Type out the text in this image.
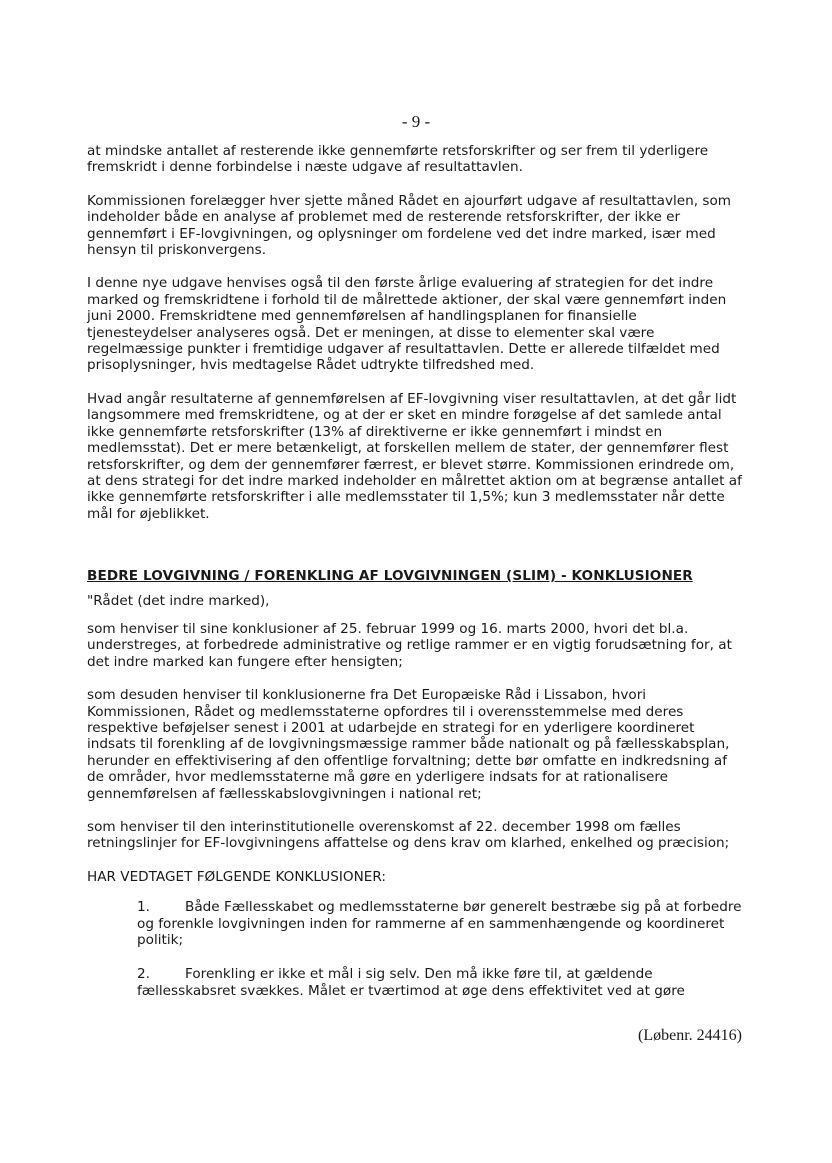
- 9 -

at mindske antallet af resterende ikke gennemførte retsforskrifter og ser frem til yderligere fremskridt i denne forbindelse i næste udgave af resultattavlen.

Kommissionen forelægger hver sjette måned Rådet en ajourført udgave af resultattavlen, som indeholder både en analyse af problemet med de resterende retsforskrifter, der ikke er gennemført i EF-lovgivningen, og oplysninger om fordelene ved det indre marked, især med hensyn til priskonvergens.

I denne nye udgave henvises også til den første årlige evaluering af strategien for det indre marked og fremskridtene i forhold til de målrettede aktioner, der skal være gennemført inden juni 2000. Fremskridtene med gennemførelsen af handlingsplanen for finansielle tjenesteydelser analyseres også. Det er meningen, at disse to elementer skal være regelmæssige punkter i fremtidige udgaver af resultattavlen. Dette er allerede tilfældet med prisoplysninger, hvis medtagelse Rådet udtrykte tilfredshed med.

Hvad angår resultaterne af gennemførelsen af EF-lovgivning viser resultattavlen, at det går lidt langsommere med fremskridtene, og at der er sket en mindre forøgelse af det samlede antal ikke gennemførte retsforskrifter (13% af direktiverne er ikke gennemført i mindst en medlemsstat). Det er mere betænkeligt, at forskellen mellem de stater, der gennemfører flest retsforskrifter, og dem der gennemfører færrest, er blevet større. Kommissionen erindrede om, at dens strategi for det indre marked indeholder en målrettet aktion om at begrænse antallet af ikke gennemførte retsforskrifter i alle medlemsstater til 1,5%; kun 3 medlemsstater når dette mål for øjeblikket.

BEDRE LOVGIVNING / FORENKLING AF LOVGIVNINGEN (SLIM) - KONKLUSIONER

"Rådet (det indre marked),

som henviser til sine konklusioner af 25. februar 1999 og 16. marts 2000, hvori det bl.a. understreges, at forbedrede administrative og retlige rammer er en vigtig forudsætning for, at det indre marked kan fungere efter hensigten;

som desuden henviser til konklusionerne fra Det Europæiske Råd i Lissabon, hvori Kommissionen, Rådet og medlemsstaterne opfordres til i overensstemmelse med deres respektive beføjelser senest i 2001 at udarbejde en strategi for en yderligere koordineret indsats til forenkling af de lovgivningsmæssige rammer både nationalt og på fællesskabsplan, herunder en effektivisering af den offentlige forvaltning; dette bør omfatte en indkredsning af de områder, hvor medlemsstaterne må gøre en yderligere indsats for at rationalisere gennemførelsen af fællesskabslovgivningen i national ret;

som henviser til den interinstitutionelle overenskomst af 22. december 1998 om fælles retningslinjer for EF-lovgivningens affattelse og dens krav om klarhed, enkelhed og præcision;

HAR VEDTAGET FØLGENDE KONKLUSIONER:

1.	Både Fællesskabet og medlemsstaterne bør generelt bestræbe sig på at forbedre og forenkle lovgivningen inden for rammerne af en sammenhængende og koordineret politik;

2.	Forenkling er ikke et mål i sig selv. Den må ikke føre til, at gældende fællesskabsret svækkes. Målet er tværtimod at øge dens effektivitet ved at gøre

(Løbenr. 24416)
